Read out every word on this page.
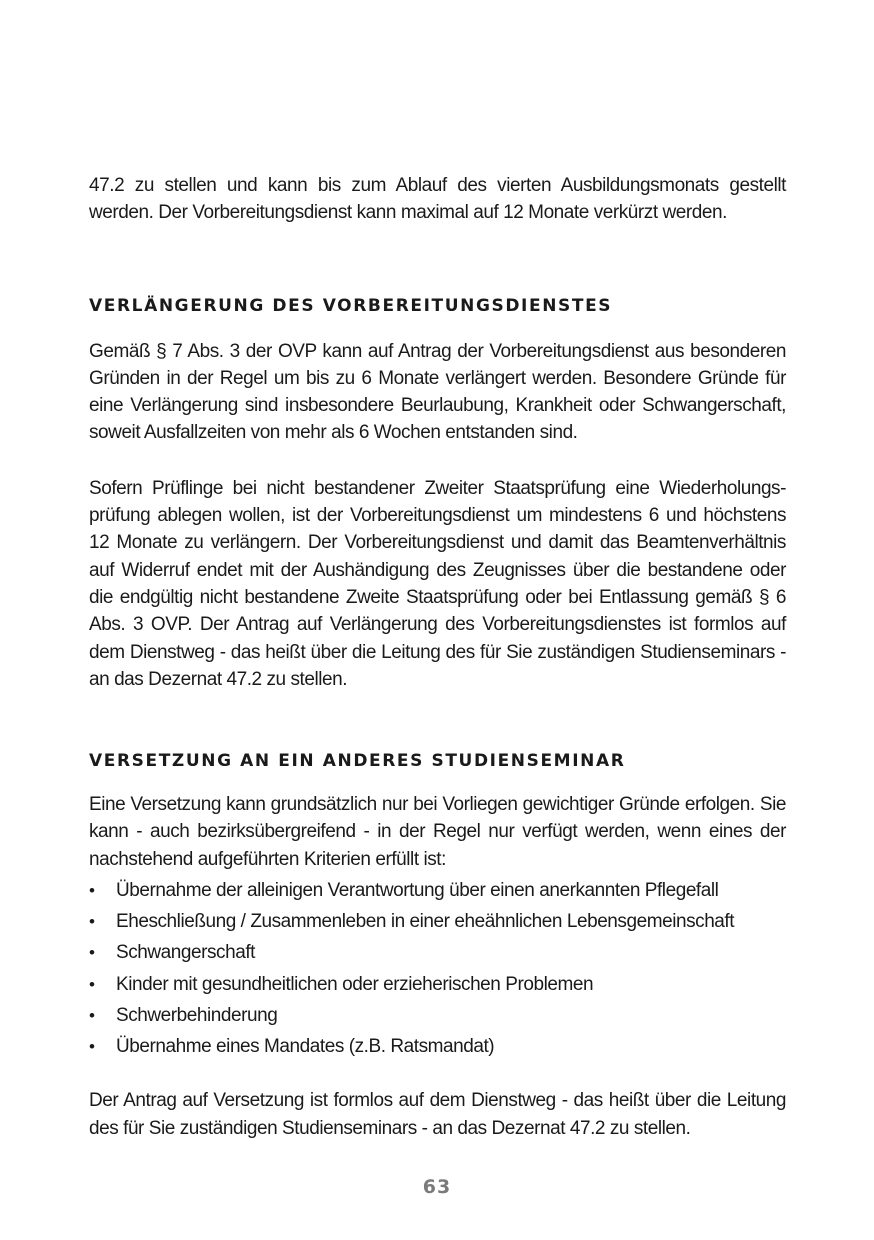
47.2 zu stellen und kann bis zum Ablauf des vierten Ausbildungsmonats gestellt werden. Der Vorbereitungsdienst kann maximal auf 12 Monate verkürzt werden.

VERLÄNGERUNG DES VORBEREITUNGSDIENSTES

Gemäß § 7 Abs. 3 der OVP kann auf Antrag der Vorbereitungsdienst aus besonderen Gründen in der Regel um bis zu 6 Monate verlängert werden. Besondere Gründe für eine Verlängerung sind insbesondere Beurlaubung, Krankheit oder Schwangerschaft, soweit Ausfallzeiten von mehr als 6 Wochen entstanden sind.

Sofern Prüflinge bei nicht bestandener Zweiter Staatsprüfung eine Wiederholungs-prüfung ablegen wollen, ist der Vorbereitungsdienst um mindestens 6 und höchstens 12 Monate zu verlängern. Der Vorbereitungsdienst und damit das Beamtenverhältnis auf Widerruf endet mit der Aushändigung des Zeugnisses über die bestandene oder die endgültig nicht bestandene Zweite Staatsprüfung oder bei Entlassung gemäß § 6 Abs. 3 OVP. Der Antrag auf Verlängerung des Vorbereitungsdienstes ist formlos auf dem Dienstweg - das heißt über die Leitung des für Sie zuständigen Studienseminars - an das Dezernat 47.2 zu stellen.

VERSETZUNG AN EIN ANDERES STUDIENSEMINAR

Eine Versetzung kann grundsätzlich nur bei Vorliegen gewichtiger Gründe erfolgen. Sie kann - auch bezirksübergreifend - in der Regel nur verfügt werden, wenn eines der nachstehend aufgeführten Kriterien erfüllt ist:

• Übernahme der alleinigen Verantwortung über einen anerkannten Pflegefall
• Eheschließung / Zusammenleben in einer eheähnlichen Lebensgemeinschaft
• Schwangerschaft
• Kinder mit gesundheitlichen oder erzieherischen Problemen
• Schwerbehinderung
• Übernahme eines Mandates (z.B. Ratsmandat)

Der Antrag auf Versetzung ist formlos auf dem Dienstweg - das heißt über die Leitung des für Sie zuständigen Studienseminars - an das Dezernat 47.2 zu stellen.

63
